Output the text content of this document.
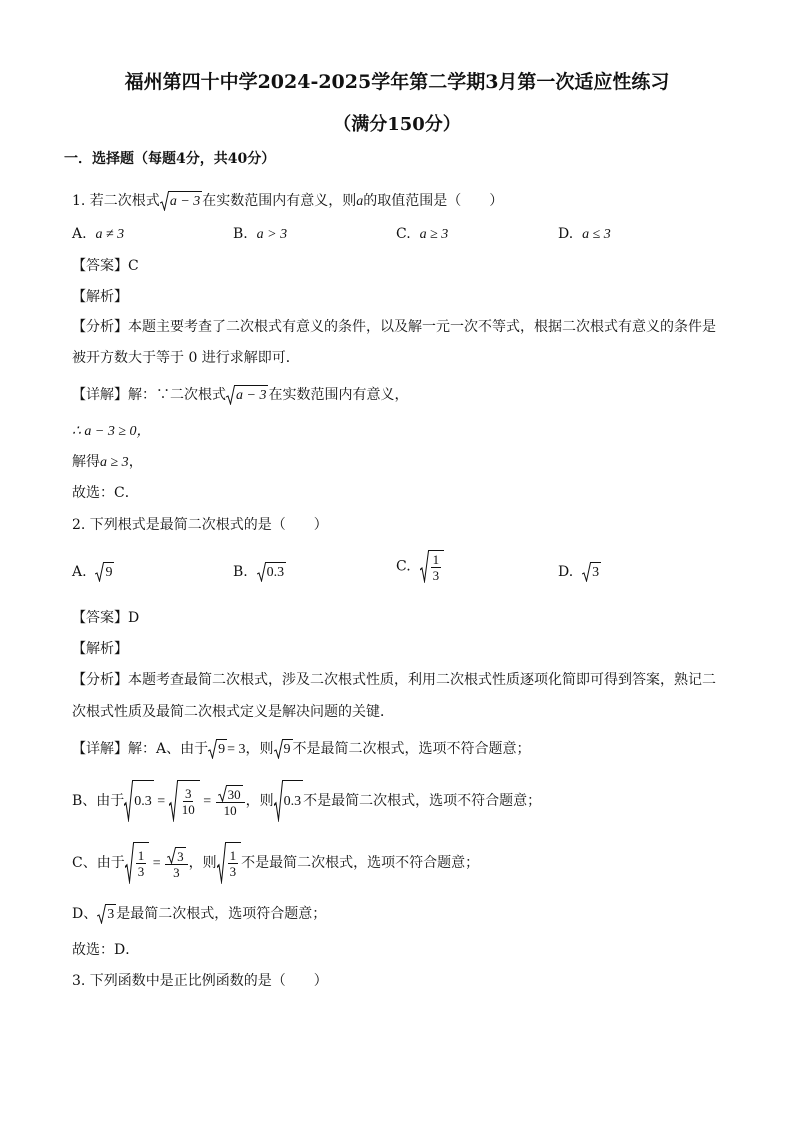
福州第四十中学2024-2025学年第二学期3月第一次适应性练习
（满分150分）
一．选择题（每题4分，共40分）
1. 若二次根式 a − 3 在实数范围内有意义，则a的取值范围是（　　）
A. a ≠ 3	B. a > 3	C. a ≥ 3	D. a ≤ 3
【答案】C
【解析】
【分析】本题主要考查了二次根式有意义的条件，以及解一元一次不等式，根据二次根式有意义的条件是
被开方数大于等于 0 进行求解即可．
【详解】解：∵二次根式 a − 3 在实数范围内有意义，
∴ a − 3 ≥ 0，
解得a ≥ 3，
故选：C．
2. 下列根式是最简二次根式的是（　　）
A. 9	B. 0.3	C. $\frac{1}{3}$	D. 3
【答案】D
【解析】
【分析】本题考查最简二次根式，涉及二次根式性质，利用二次根式性质逐项化简即可得到答案，熟记二
次根式性质及最简二次根式定义是解决问题的关键．
【详解】解：A、由于 9 = 3，则 9 不是最简二次根式，选项不符合题意；
B、由于 $0.3 = \frac{3}{10} = \frac{30}{10}$ ，则 0.3 不是最简二次根式，选项不符合题意；
C、由于 $\frac{1}{3} = \frac{3}{3}$ ，则 $\frac{1}{3}$ 不是最简二次根式，选项不符合题意；
D、 3 是最简二次根式，选项符合题意；
故选：D．
3. 下列函数中是正比例函数的是（　　）
